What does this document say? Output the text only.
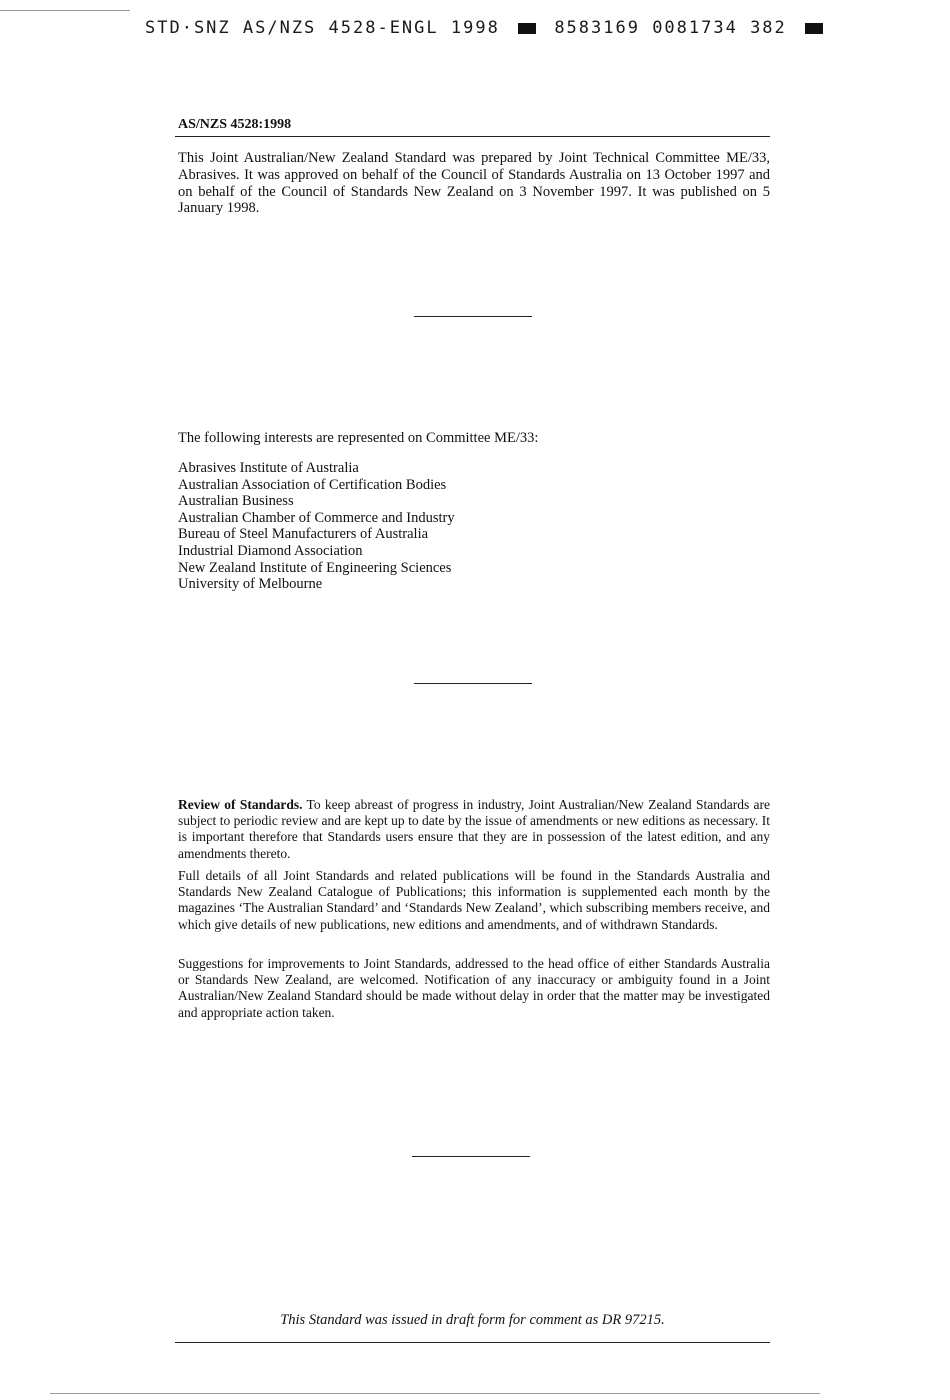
STD·SNZ AS/NZS 4528-ENGL 1998	8583169 0081734 382
AS/NZS 4528:1998

This Joint Australian/New Zealand Standard was prepared by Joint Technical Committee ME/33, Abrasives. It was approved on behalf of the Council of Standards Australia on 13 October 1997 and on behalf of the Council of Standards New Zealand on 3 November 1997. It was published on 5 January 1998.

The following interests are represented on Committee ME/33:

Abrasives Institute of Australia
Australian Association of Certification Bodies
Australian Business
Australian Chamber of Commerce and Industry
Bureau of Steel Manufacturers of Australia
Industrial Diamond Association
New Zealand Institute of Engineering Sciences
University of Melbourne

Review of Standards. To keep abreast of progress in industry, Joint Australian/New Zealand Standards are subject to periodic review and are kept up to date by the issue of amendments or new editions as necessary. It is important therefore that Standards users ensure that they are in possession of the latest edition, and any amendments thereto.

Full details of all Joint Standards and related publications will be found in the Standards Australia and Standards New Zealand Catalogue of Publications; this information is supplemented each month by the magazines ‘The Australian Standard’ and ‘Standards New Zealand’, which subscribing members receive, and which give details of new publications, new editions and amendments, and of withdrawn Standards.

Suggestions for improvements to Joint Standards, addressed to the head office of either Standards Australia or Standards New Zealand, are welcomed. Notification of any inaccuracy or ambiguity found in a Joint Australian/New Zealand Standard should be made without delay in order that the matter may be investigated and appropriate action taken.

This Standard was issued in draft form for comment as DR 97215.
